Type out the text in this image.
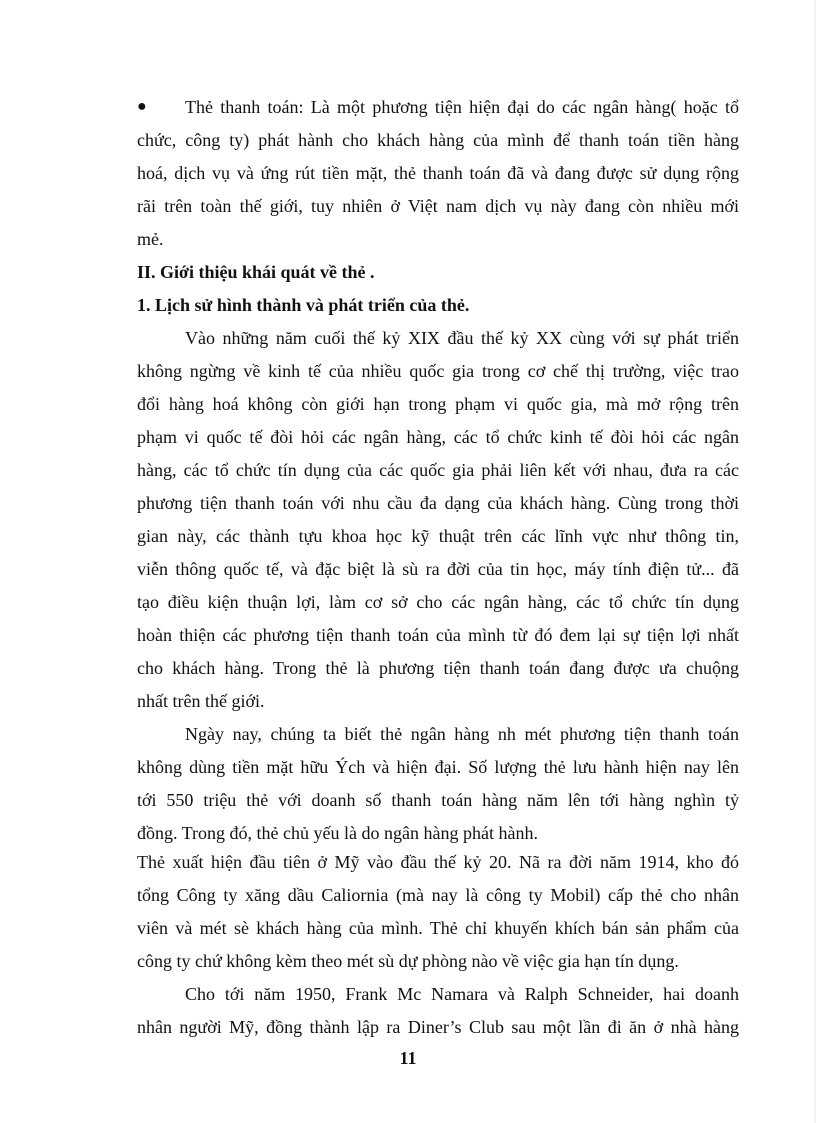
● Thẻ thanh toán: Là một phương tiện hiện đại do các ngân hàng( hoặc tổ
chức, công ty) phát hành cho khách hàng của mình để thanh toán tiền hàng
hoá, dịch vụ và ứng rút tiền mặt, thẻ thanh toán đã và đang được sử dụng rộng
rãi trên toàn thế giới, tuy nhiên ở Việt nam dịch vụ này đang còn nhiều mới
mẻ.
II. Giới thiệu khái quát về thẻ .
1. Lịch sử hình thành và phát triển của thẻ.
Vào những năm cuối thế kỷ XIX đầu thế kỷ XX cùng với sự phát triển
không ngừng về kinh tế của nhiều quốc gia trong cơ chế thị trường, việc trao
đổi hàng hoá không còn giới hạn trong phạm vi quốc gia, mà mở rộng trên
phạm vi quốc tế đòi hỏi các ngân hàng, các tổ chức kinh tế đòi hỏi các ngân
hàng, các tổ chức tín dụng của các quốc gia phải liên kết với nhau, đưa ra các
phương tiện thanh toán với nhu cầu đa dạng của khách hàng. Cùng trong thời
gian này, các thành tựu khoa học kỹ thuật trên các lĩnh vực như thông tin,
viễn thông quốc tế, và đặc biệt là sù ra đời của tin học, máy tính điện tử... đã
tạo điều kiện thuận lợi, làm cơ sở cho các ngân hàng, các tổ chức tín dụng
hoàn thiện các phương tiện thanh toán của mình từ đó đem lại sự tiện lợi nhất
cho khách hàng. Trong thẻ là phương tiện thanh toán đang được ưa chuộng
nhất trên thế giới.
Ngày nay, chúng ta biết thẻ ngân hàng nh mét phương tiện thanh toán
không dùng tiền mặt hữu Ých và hiện đại. Số lượng thẻ lưu hành hiện nay lên
tới 550 triệu thẻ với doanh số thanh toán hàng năm lên tới hàng nghìn tỷ
đồng. Trong đó, thẻ chủ yếu là do ngân hàng phát hành.
Thẻ xuất hiện đầu tiên ở Mỹ vào đầu thế kỷ 20. Nã ra đời năm 1914, kho đó
tổng Công ty xăng dầu Caliornia (mà nay là công ty Mobil) cấp thẻ cho nhân
viên và mét sè khách hàng của mình. Thẻ chỉ khuyến khích bán sản phẩm của
công ty chứ không kèm theo mét sù dự phòng nào về việc gia hạn tín dụng.
Cho tới năm 1950, Frank Mc Namara và Ralph Schneider, hai doanh
nhân người Mỹ, đồng thành lập ra Diner’s Club sau một lần đi ăn ở nhà hàng
11
